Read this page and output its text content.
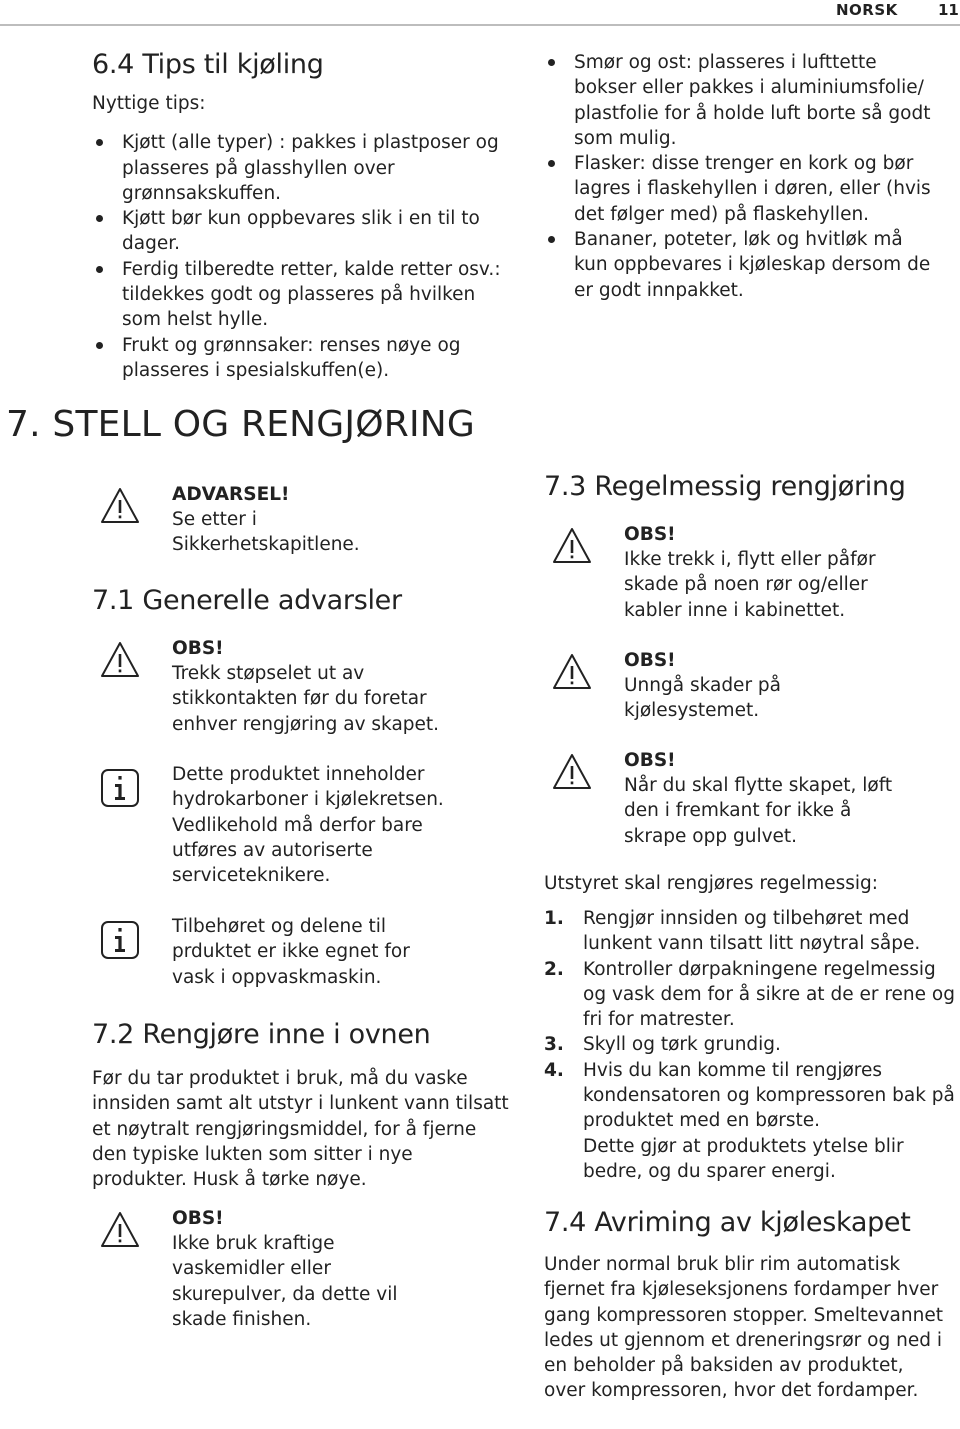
NORSK	11
7. STELL OG RENGJØRING
6.4 Tips til kjøling

Nyttige tips:

Kjøtt (alle typer) : pakkes i plastposer og plasseres på glasshyllen over grønnsakskuffen.
Kjøtt bør kun oppbevares slik i en til to dager.
Ferdig tilberedte retter, kalde retter osv.: tildekkes godt og plasseres på hvilken som helst hylle.
Frukt og grønnsaker: renses nøye og plasseres i spesialskuffen(e).
ADVARSEL!
Se etter i Sikkerhetskapitlene.
7.1 Generelle advarsler
OBS!
Trekk støpselet ut av stikkontakten før du foretar enhver rengjøring av skapet.
Dette produktet inneholder hydrokarboner i kjølekretsen. Vedlikehold må derfor bare utføres av autoriserte serviceteknikere.
Tilbehøret og delene til prduktet er ikke egnet for vask i oppvaskmaskin.
7.2 Rengjøre inne i ovnen

Før du tar produktet i bruk, må du vaske innsiden samt alt utstyr i lunkent vann tilsatt et nøytralt rengjøringsmiddel, for å fjerne den typiske lukten som sitter i nye produkter. Husk å tørke nøye.

OBS!
Ikke bruk kraftige vaskemidler eller skurepulver, da dette vil skade finishen.
Smør og ost: plasseres i lufttette bokser eller pakkes i aluminiumsfolie/ plastfolie for å holde luft borte så godt som mulig.
Flasker: disse trenger en kork og bør lagres i flaskehyllen i døren, eller (hvis det følger med) på flaskehyllen.
Bananer, poteter, løk og hvitløk må kun oppbevares i kjøleskap dersom de er godt innpakket.
7.3 Regelmessig rengjøring
OBS!
Ikke trekk i, flytt eller påfør skade på noen rør og/eller kabler inne i kabinettet.
OBS!
Unngå skader på kjølesystemet.
OBS!
Når du skal flytte skapet, løft den i fremkant for ikke å skrape opp gulvet.

Utstyret skal rengjøres regelmessig:

1. Rengjør innsiden og tilbehøret med lunkent vann tilsatt litt nøytral såpe.
2. Kontroller dørpakningene regelmessig og vask dem for å sikre at de er rene og fri for matrester.
3. Skyll og tørk grundig.
4. Hvis du kan komme til rengjøres kondensatoren og kompressoren bak på produktet med en børste.
Dette gjør at produktets ytelse blir bedre, og du sparer energi.
7.4 Avriming av kjøleskapet

Under normal bruk blir rim automatisk fjernet fra kjøleseksjonens fordamper hver gang kompressoren stopper. Smeltevannet ledes ut gjennom et dreneringsrør og ned i en beholder på baksiden av produktet, over kompressoren, hvor det fordamper.
